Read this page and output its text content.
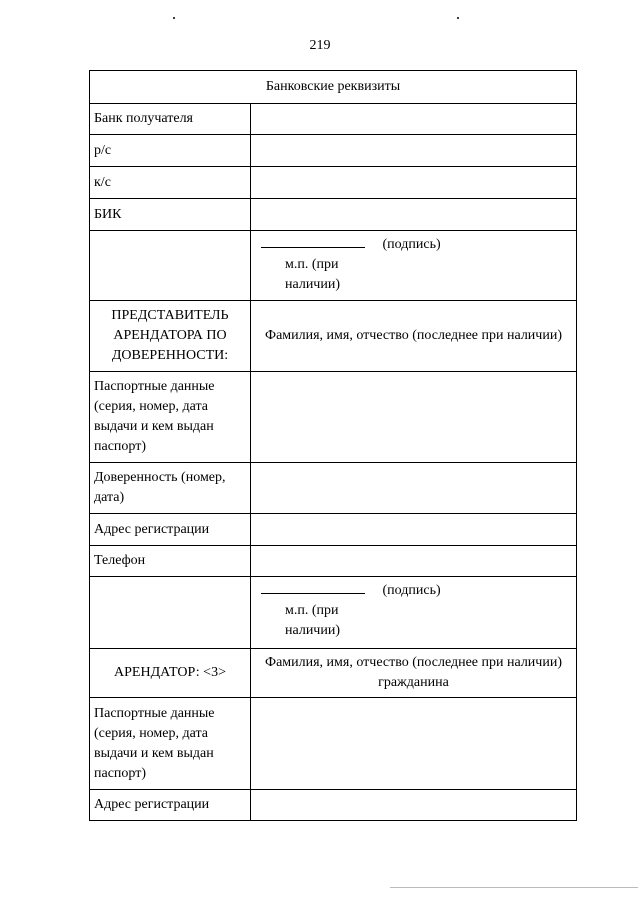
219
Банковские реквизиты	
Банк получателя	
р/с	
к/с	
БИК	

	(подпись)
м.п. (при
наличии)

ПРЕДСТАВИТЕЛЬ АРЕНДАТОРА ПО ДОВЕРЕННОСТИ:	Фамилия, имя, отчество (последнее при наличии)
Паспортные данные (серия, номер, дата выдачи и кем выдан паспорт)	
Доверенность (номер, дата)	
Адрес регистрации	
Телефон	

	(подпись)
м.п. (при
наличии)

АРЕНДАТОР: <3>	Фамилия, имя, отчество (последнее при наличии) гражданина
Паспортные данные (серия, номер, дата выдачи и кем выдан паспорт)	
Адрес регистрации	
